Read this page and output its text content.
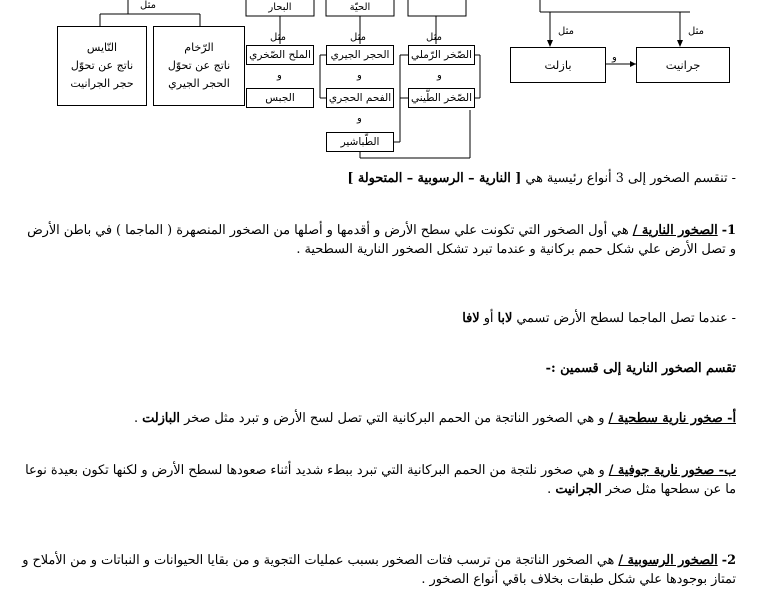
مثل
الرّخام
ناتج عن تحوّل
الحجر الجيري
النّايس
ناتج عن تحوّل
حجر الجرانيت
البحار	الحيّة
مثل	مثل	مثل
الصّخر الرّملي
و
الصّخر الطّيني
الحجر الجيري
و
الفحم الحجري
و
الطّباشير
الملح الصّخري
و
الجبس
مثل
مثل
جرانيت
و
بازلت
- تنقسم الصخور إلى 3 أنواع رئيسية هي [ النارية – الرسوبية – المتحولة ]
1- الصخور النارية / هي أول الصخور التي تكونت علي سطح الأرض و أقدمها و أصلها من الصخور المنصهرة ( الماجما ) في باطن الأرض و تصل الأرض علي شكل حمم بركانية و عندما تبرد تشكل الصخور النارية السطحية .
- عندما تصل الماجما لسطح الأرض تسمي لابا أو لافا
تقسم الصخور النارية إلى قسمين :-
أ- صخور نارية سطحية / و هي الصخور الناتجة من الحمم البركانية التي تصل لسح الأرض و تبرد مثل صخر البازلت .
ب- صخور نارية جوفية / و هي صخور نلتجة من الحمم البركانية التي تبرد ببطء شديد أثناء صعودها لسطح الأرض و لكنها تكون بعيدة نوعا ما عن سطحها مثل صخر الجرانيت .
2- الصخور الرسوبية / هي الصخور الناتجة من ترسب فتات الصخور بسبب عمليات التجوية و من بقايا الحيوانات و النباتات و من الأملاح و تمتاز بوجودها علي شكل طبقات بخلاف باقي أنواع الصخور .
